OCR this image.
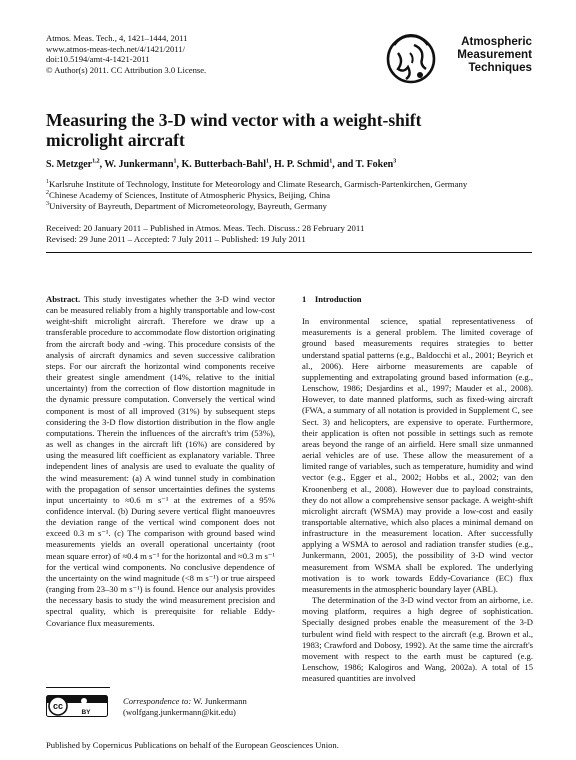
Atmos. Meas. Tech., 4, 1421–1444, 2011
www.atmos-meas-tech.net/4/1421/2011/
doi:10.5194/amt-4-1421-2011
© Author(s) 2011. CC Attribution 3.0 License.
Atmospheric
Measurement
Techniques
Measuring the 3-D wind vector with a weight-shift
microlight aircraft
S. Metzger$^{1,2}$, W. Junkermann$^1$, K. Butterbach-Bahl$^1$, H. P. Schmid$^1$, and T. Foken$^3$
$^1$Karlsruhe Institute of Technology, Institute for Meteorology and Climate Research, Garmisch-Partenkirchen, Germany
$^2$Chinese Academy of Sciences, Institute of Atmospheric Physics, Beijing, China
$^3$University of Bayreuth, Department of Micrometeorology, Bayreuth, Germany
Received: 20 January 2011 – Published in Atmos. Meas. Tech. Discuss.: 28 February 2011
Revised: 29 June 2011 – Accepted: 7 July 2011 – Published: 19 July 2011

Abstract. This study investigates whether the 3-D wind vector can be measured reliably from a highly transportable and low-cost weight-shift microlight aircraft. Therefore we draw up a transferable procedure to accommodate flow distortion originating from the aircraft body and -wing. This procedure consists of the analysis of aircraft dynamics and seven successive calibration steps. For our aircraft the horizontal wind components receive their greatest single amendment (14%, relative to the initial uncertainty) from the correction of flow distortion magnitude in the dynamic pressure computation. Conversely the vertical wind component is most of all improved (31%) by subsequent steps considering the 3-D flow distortion distribution in the flow angle computations. Therein the influences of the aircraft's trim (53%), as well as changes in the aircraft lift (16%) are considered by using the measured lift coefficient as explanatory variable. Three independent lines of analysis are used to evaluate the quality of the wind measurement: (a) A wind tunnel study in combination with the propagation of sensor uncertainties defines the systems input uncertainty to ≈0.6 m s⁻¹ at the extremes of a 95% confidence interval. (b) During severe vertical flight manoeuvres the deviation range of the vertical wind component does not exceed 0.3 m s⁻¹. (c) The comparison with ground based wind measurements yields an overall operational uncertainty (root mean square error) of ≈0.4 m s⁻¹ for the horizontal and ≈0.3 m s⁻¹ for the vertical wind components. No conclusive dependence of the uncertainty on the wind magnitude (<8 m s⁻¹) or true airspeed (ranging from 23–30 m s⁻¹) is found. Hence our analysis provides the necessary basis to study the wind measurement precision and spectral quality, which is prerequisite for reliable Eddy-Covariance flux measurements.

cc
BY
Correspondence to: W. Junkermann
(wolfgang.junkermann@kit.edu)
1 Introduction

In environmental science, spatial representativeness of measurements is a general problem. The limited coverage of ground based measurements requires strategies to better understand spatial patterns (e.g., Baldocchi et al., 2001; Beyrich et al., 2006). Here airborne measurements are capable of supplementing and extrapolating ground based information (e.g., Lenschow, 1986; Desjardins et al., 1997; Mauder et al., 2008). However, to date manned platforms, such as fixed-wing aircraft (FWA, a summary of all notation is provided in Supplement C, see Sect. 3) and helicopters, are expensive to operate. Furthermore, their application is often not possible in settings such as remote areas beyond the range of an airfield. Here small size unmanned aerial vehicles are of use. These allow the measurement of a limited range of variables, such as temperature, humidity and wind vector (e.g., Egger et al., 2002; Hobbs et al., 2002; van den Kroonenberg et al., 2008). However due to payload constraints, they do not allow a comprehensive sensor package. A weight-shift microlight aircraft (WSMA) may provide a low-cost and easily transportable alternative, which also places a minimal demand on infrastructure in the measurement location. After successfully applying a WSMA to aerosol and radiation transfer studies (e.g., Junkermann, 2001, 2005), the possibility of 3-D wind vector measurement from WSMA shall be explored. The underlying motivation is to work towards Eddy-Covariance (EC) flux measurements in the atmospheric boundary layer (ABL).

The determination of the 3-D wind vector from an airborne, i.e. moving platform, requires a high degree of sophistication. Specially designed probes enable the measurement of the 3-D turbulent wind field with respect to the aircraft (e.g. Brown et al., 1983; Crawford and Dobosy, 1992). At the same time the aircraft's movement with respect to the earth must be captured (e.g. Lenschow, 1986; Kalogiros and Wang, 2002a). A total of 15 measured quantities are involved

Published by Copernicus Publications on behalf of the European Geosciences Union.
